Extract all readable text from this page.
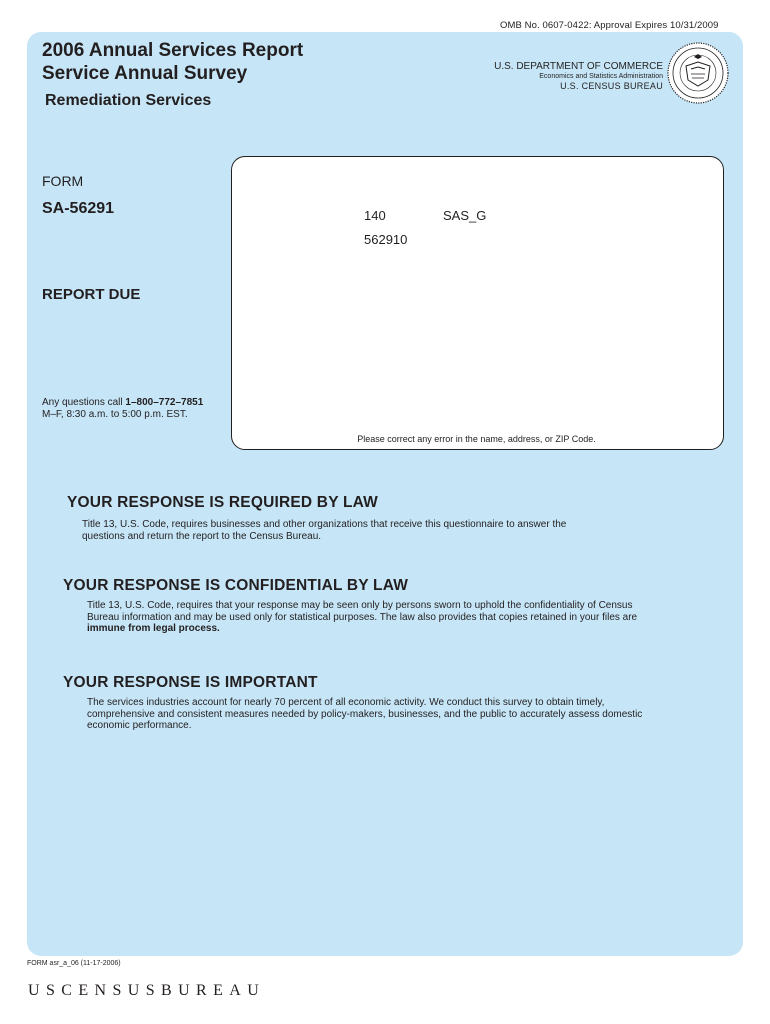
OMB No. 0607-0422: Approval Expires 10/31/2009
2006 Annual Services Report
Service Annual Survey
Remediation Services
U.S. DEPARTMENT OF COMMERCE
Economics and Statistics Administration
U.S. CENSUS BUREAU
FORM
SA-56291
REPORT DUE
Any questions call 1–800–772–7851
M–F, 8:30 a.m. to 5:00 p.m. EST.
140	SAS_G
562910
Please correct any error in the name, address, or ZIP Code.
YOUR RESPONSE IS REQUIRED BY LAW
Title 13, U.S. Code, requires businesses and other organizations that receive this questionnaire to answer the
questions and return the report to the Census Bureau.
YOUR RESPONSE IS CONFIDENTIAL BY LAW
Title 13, U.S. Code, requires that your response may be seen only by persons sworn to uphold the confidentiality of Census
Bureau information and may be used only for statistical purposes. The law also provides that copies retained in your files are
immune from legal process.
YOUR RESPONSE IS IMPORTANT
The services industries account for nearly 70 percent of all economic activity. We conduct this survey to obtain timely,
comprehensive and consistent measures needed by policy-makers, businesses, and the public to accurately assess domestic
economic performance.
FORM asr_a_06 (11-17-2006)
USCENSUSBUREAU
